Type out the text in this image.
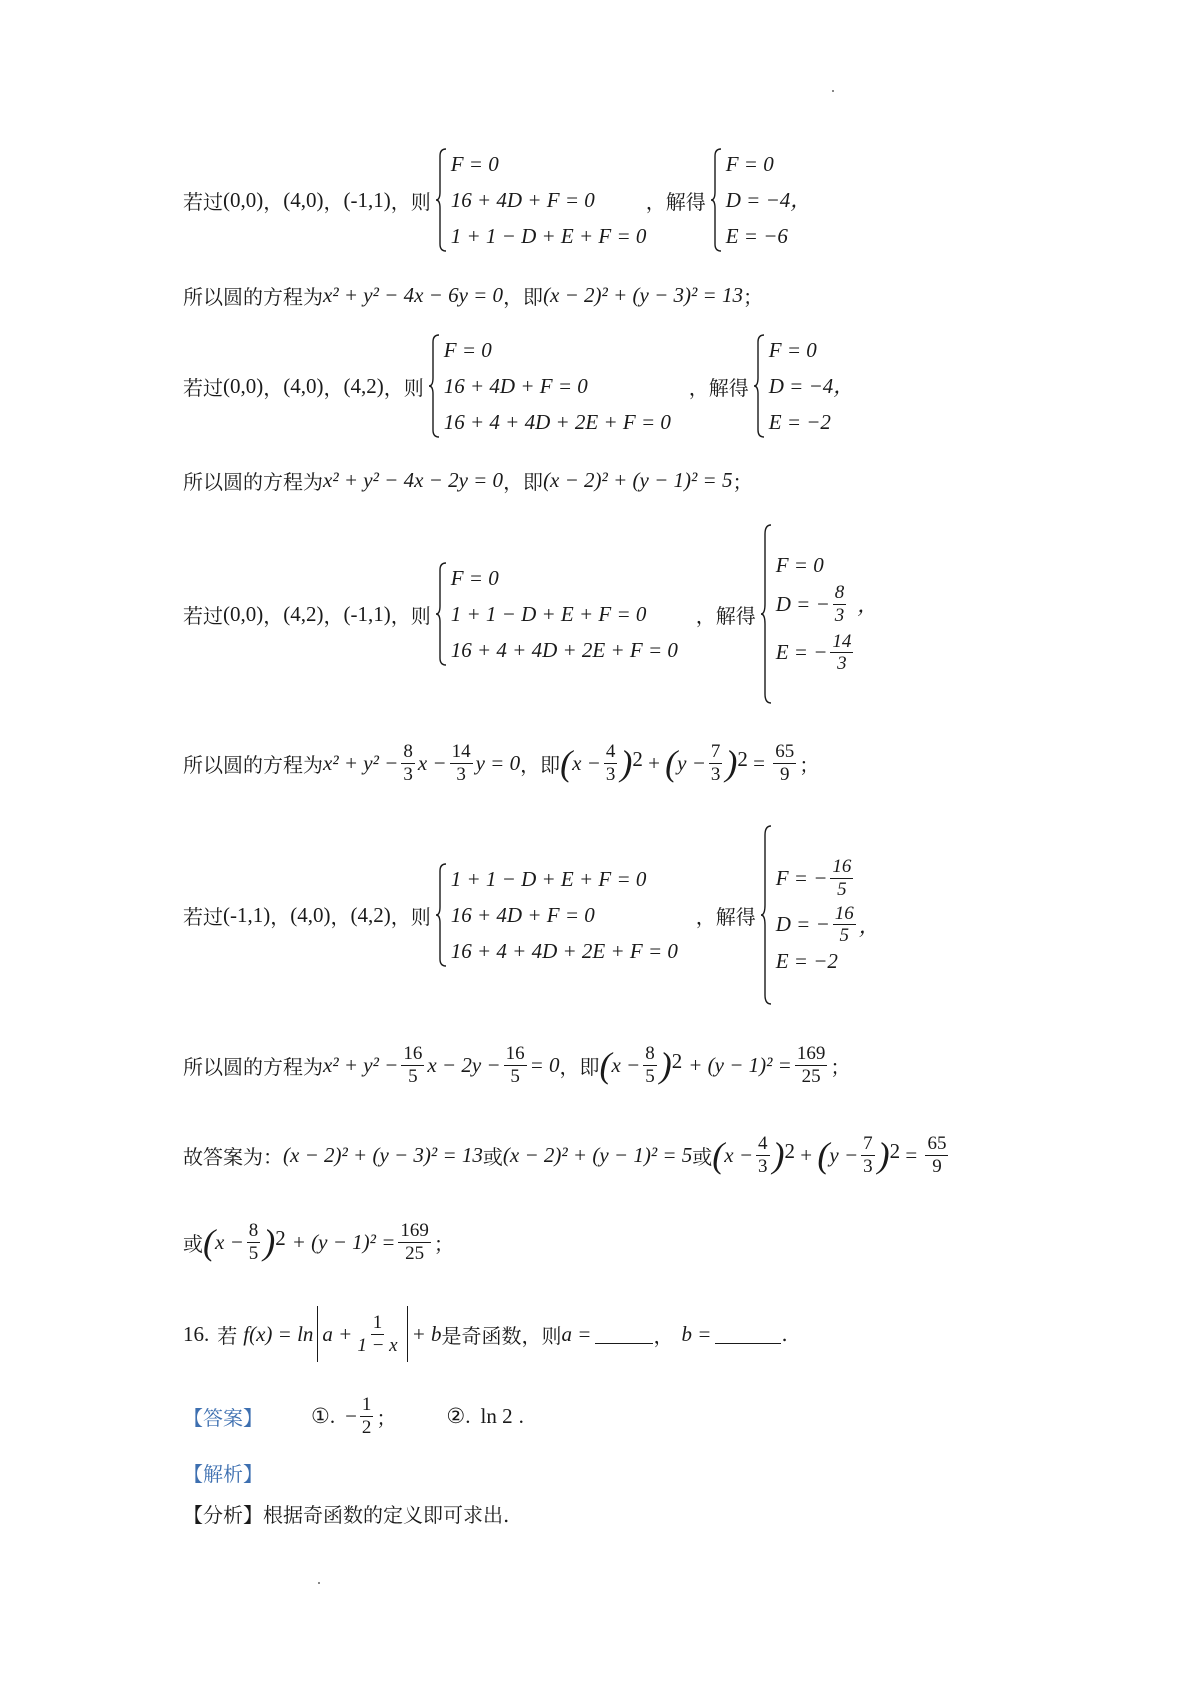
若过 (0,0) ， (4,0) ， (-1,1) ， 则
F = 0
16 + 4D + F = 0
1 + 1 − D + E + F = 0
，解得
F = 0
D = −4，
E = −6
所以圆的方程为 x² + y² − 4x − 6y = 0 ，即 (x − 2)² + (y − 3)² = 13 ；
若过 (0,0) ， (4,0) ， (4,2) ， 则
F = 0
16 + 4D + F = 0
16 + 4 + 4D + 2E + F = 0
，解得
F = 0
D = −4，
E = −2
所以圆的方程为 x² + y² − 4x − 2y = 0 ，即 (x − 2)² + (y − 1)² = 5 ；
若过 (0,0) ， (4,2) ， (-1,1) ， 则
F = 0
1 + 1 − D + E + F = 0
16 + 4 + 4D + 2E + F = 0
，解得
F = 0
D = − $\frac{8}{3}$ ，
E = − $\frac{14}{3}$
所以圆的方程为 $x^2 + y^2 - \frac{8}{3}$ $x - \frac{14}{3}$ y = 0 ，即 ( $x - \frac{4}{3} )^2$ + ( $y - \frac{7}{3} )^2 = \frac{65}{9}$ ；
若过 (-1,1) ， (4,0) ， (4,2) ， 则
1 + 1 − D + E + F = 0
16 + 4D + F = 0
16 + 4 + 4D + 2E + F = 0
，解得
F = − $\frac{16}{5}$
D = − $\frac{16}{5}$ ，
E = −2
所以圆的方程为 $x^2 + y^2 - \frac{16}{5}$ $x - 2y - \frac{16}{5} = 0$ ，即 ( $x - \frac{8}{5} )^2 + (y - 1)^2 = \frac{169}{25}$ ；
故答案为： (x − 2)² + (y − 3)² = 13 或 (x − 2)² + (y − 1)² = 5 或 ( $x - \frac{4}{3} )^2$ + ( $y - \frac{7}{3} )^2 = \frac{65}{9}$
或 ( $x - \frac{8}{5} )^2 + (y - 1)^2 = \frac{169}{25}$ ；
16. 若 $f(x) = \ln a + \frac{1}{1 - x} + b$ 是奇函数，则 a =	， b =	.
【答案】 ①. − $\frac{1}{2}$ ； ②. ln 2 .
【解析】
【分析】 根据奇函数的定义即可求出.
